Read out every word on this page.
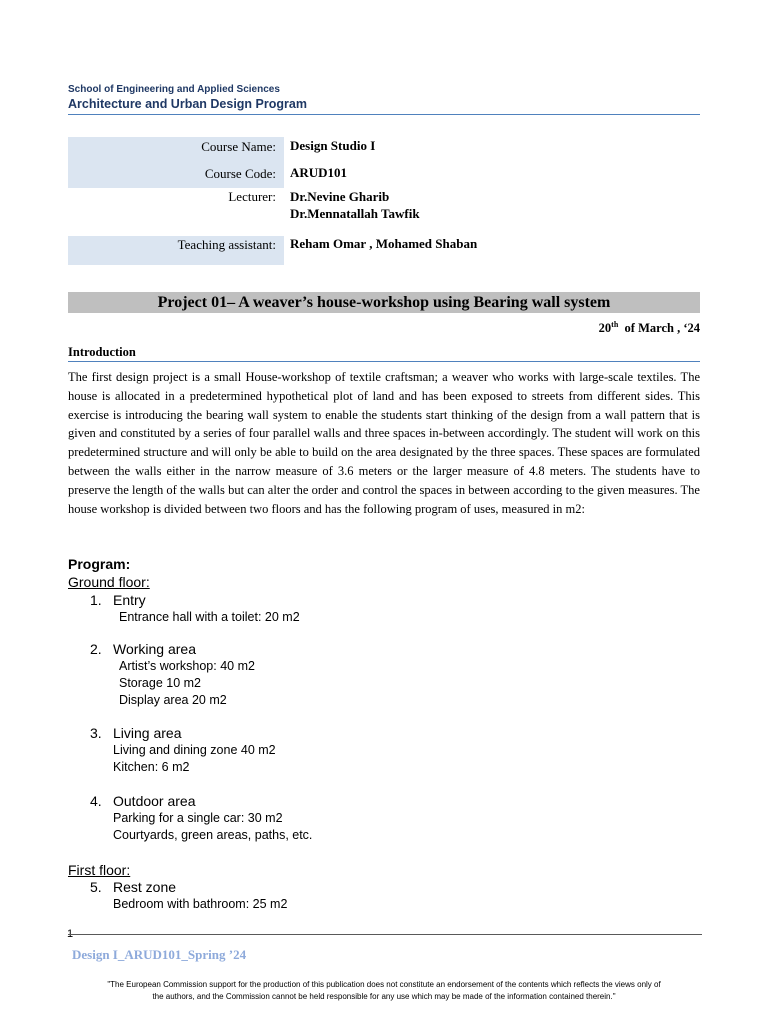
School of Engineering and Applied Sciences
Architecture and Urban Design Program
Course Name:	Design Studio I
Course Code:	ARUD101
Lecturer:	Dr.Nevine Gharib
Dr.Mennatallah Tawfik
Teaching assistant:	Reham Omar , Mohamed Shaban
Project 01– A weaver’s house-workshop using Bearing wall system
20th of March , ‘24
Introduction
The first design project is a small House-workshop of textile craftsman; a weaver who works with large-scale textiles. The house is allocated in a predetermined hypothetical plot of land and has been exposed to streets from different sides. This exercise is introducing the bearing wall system to enable the students start thinking of the design from a wall pattern that is given and constituted by a series of four parallel walls and three spaces in-between accordingly. The student will work on this predetermined structure and will only be able to build on the area designated by the three spaces. These spaces are formulated between the walls either in the narrow measure of 3.6 meters or the larger measure of 4.8 meters. The students have to preserve the length of the walls but can alter the order and control the spaces in between according to the given measures. The house workshop is divided between two floors and has the following program of uses, measured in m2:
Program:
Ground floor:
1. Entry
Entrance hall with a toilet: 20 m2
2. Working area
Artist’s workshop: 40 m2
Storage 10 m2
Display area 20 m2
3. Living area
Living and dining zone 40 m2
Kitchen: 6 m2
4. Outdoor area
Parking for a single car: 30 m2
Courtyards, green areas, paths, etc.
First floor:
5. Rest zone
Bedroom with bathroom: 25 m2
Design I_ARUD101_Spring ’24
"The European Commission support for the production of this publication does not constitute an endorsement of the contents which reflects the views only of
the authors, and the Commission cannot be held responsible for any use which may be made of the information contained therein."
